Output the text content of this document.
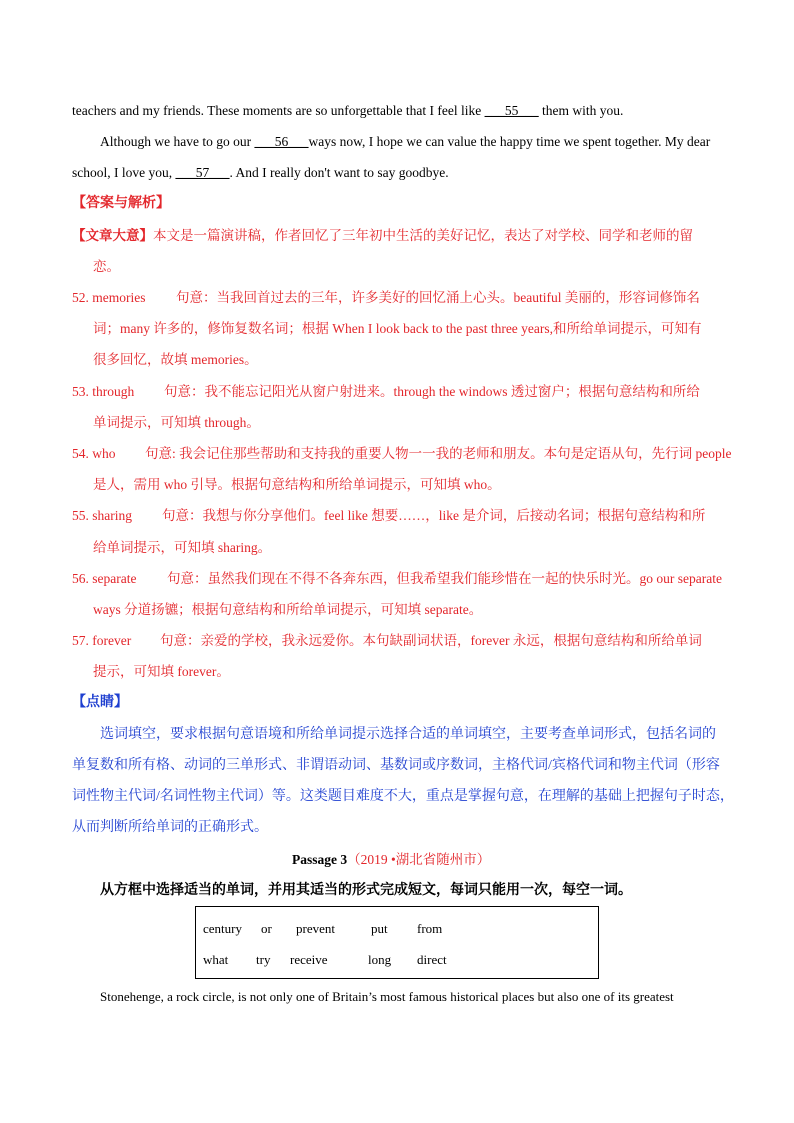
teachers and my friends. These moments are so unforgettable that I feel like ___55___ them with you.
Although we have to go our ___56___ways now, I hope we can value the happy time we spent together. My dear
school, I love you, ___57___. And I really don't want to say goodbye.
【答案与解析】
【文章大意】本文是一篇演讲稿，作者回忆了三年初中生活的美好记忆，表达了对学校、同学和老师的留
恋。
52. memories 句意：当我回首过去的三年，许多美好的回忆涌上心头。beautiful 美丽的，形容词修饰名
词；many 许多的，修饰复数名词；根据 When I look back to the past three years,和所给单词提示，可知有
很多回忆，故填 memories。
53. through 句意：我不能忘记阳光从窗户射进来。through the windows 透过窗户；根据句意结构和所给
单词提示，可知填 through。
54. who 句意: 我会记住那些帮助和支持我的重要人物一一我的老师和朋友。本句是定语从句，先行词 people
是人，需用 who 引导。根据句意结构和所给单词提示，可知填 who。
55. sharing 句意：我想与你分享他们。feel like 想要……，like 是介词，后接动名词；根据句意结构和所
给单词提示，可知填 sharing。
56. separate 句意：虽然我们现在不得不各奔东西，但我希望我们能珍惜在一起的快乐时光。go our separate
ways 分道扬镳；根据句意结构和所给单词提示，可知填 separate。
57. forever 句意：亲爱的学校，我永远爱你。本句缺副词状语，forever 永远，根据句意结构和所给单词
提示，可知填 forever。
【点睛】
选词填空，要求根据句意语境和所给单词提示选择合适的单词填空，主要考查单词形式，包括名词的
单复数和所有格、动词的三单形式、非谓语动词、基数词或序数词，主格代词/宾格代词和物主代词（形容
词性物主代词/名词性物主代词）等。这类题目难度不大，重点是掌握句意，在理解的基础上把握句子时态，
从而判断所给单词的正确形式。
Passage 3（2019 •湖北省随州市）
从方框中选择适当的单词，并用其适当的形式完成短文，每词只能用一次，每空一词。
century or prevent	put from
what try receive	long direct
Stonehenge, a rock circle, is not only one of Britain’s most famous historical places but also one of its greatest
